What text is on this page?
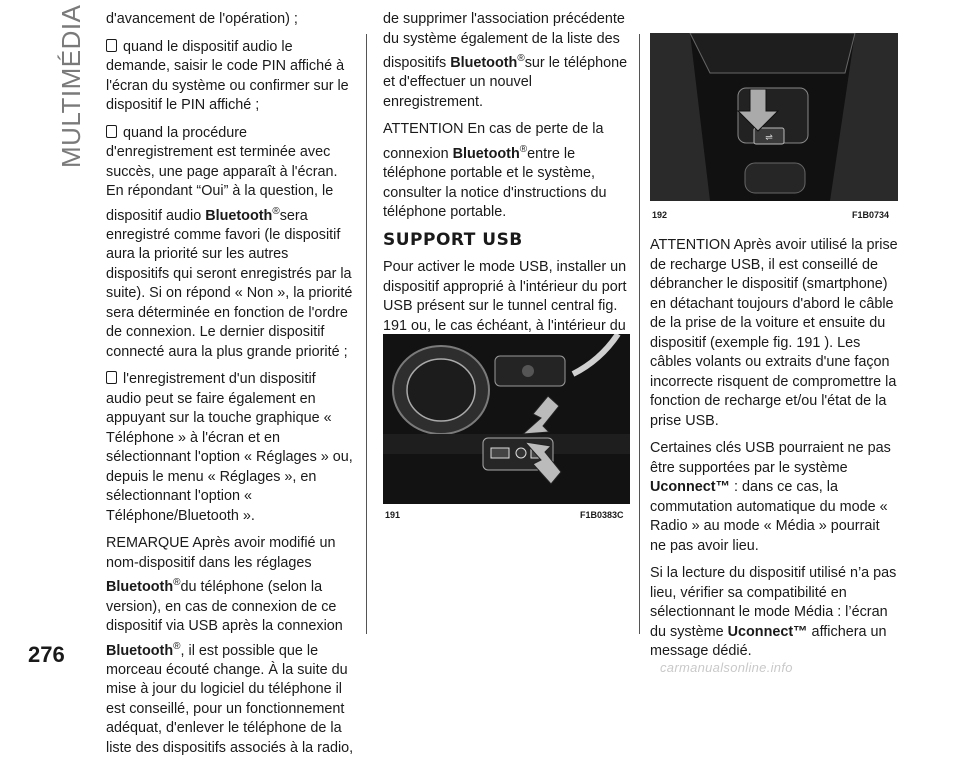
MULTIMÉDIA
276

d'avancement de l'opération) ;

quand le dispositif audio le demande, saisir le code PIN affiché à l'écran du système ou confirmer sur le dispositif le PIN affiché ;

quand la procédure d'enregistrement est terminée avec succès, une page apparaît à l'écran. En répondant “Oui” à la question, le dispositif audio Bluetooth®sera enregistré comme favori (le dispositif aura la priorité sur les autres dispositifs qui seront enregistrés par la suite). Si on répond « Non », la priorité sera déterminée en fonction de l'ordre de connexion. Le dernier dispositif connecté aura la plus grande priorité ;

l'enregistrement d'un dispositif audio peut se faire également en appuyant sur la touche graphique « Téléphone » à l'écran et en sélectionnant l'option « Réglages » ou, depuis le menu « Réglages », en sélectionnant l'option « Téléphone/Bluetooth ».

REMARQUE Après avoir modifié un nom-dispositif dans les réglages Bluetooth®du téléphone (selon la version), en cas de connexion de ce dispositif via USB après la connexion Bluetooth®, il est possible que le morceau écouté change. À la suite du mise à jour du logiciel du téléphone il est conseillé, pour un fonctionnement adéquat, d'enlever le téléphone de la liste des dispositifs associés à la radio,

de supprimer l'association précédente du système également de la liste des dispositifs Bluetooth®sur le téléphone et d'effectuer un nouvel enregistrement.

ATTENTION En cas de perte de la connexion Bluetooth®entre le téléphone portable et le système, consulter la notice d'instructions du téléphone portable.

SUPPORT USB

Pour activer le mode USB, installer un dispositif approprié à l'intérieur du port USB présent sur le tunnel central fig. 191 ou, le cas échéant, à l'intérieur du

191	F1B0383C
⇌
192	F1B0734

ATTENTION Après avoir utilisé la prise de recharge USB, il est conseillé de débrancher le dispositif (smartphone) en détachant toujours d'abord le câble de la prise de la voiture et ensuite du dispositif (exemple fig. 191 ). Les câbles volants ou extraits d'une façon incorrecte risquent de compromettre la fonction de recharge et/ou l'état de la prise USB.

Certaines clés USB pourraient ne pas être supportées par le système Uconnect™ : dans ce cas, la commutation automatique du mode « Radio » au mode « Média » pourrait ne pas avoir lieu.

Si la lecture du dispositif utilisé n’a pas lieu, vérifier sa compatibilité en sélectionnant le mode Média : l’écran du système Uconnect™ affichera un message dédié.

carmanualsonline.info
